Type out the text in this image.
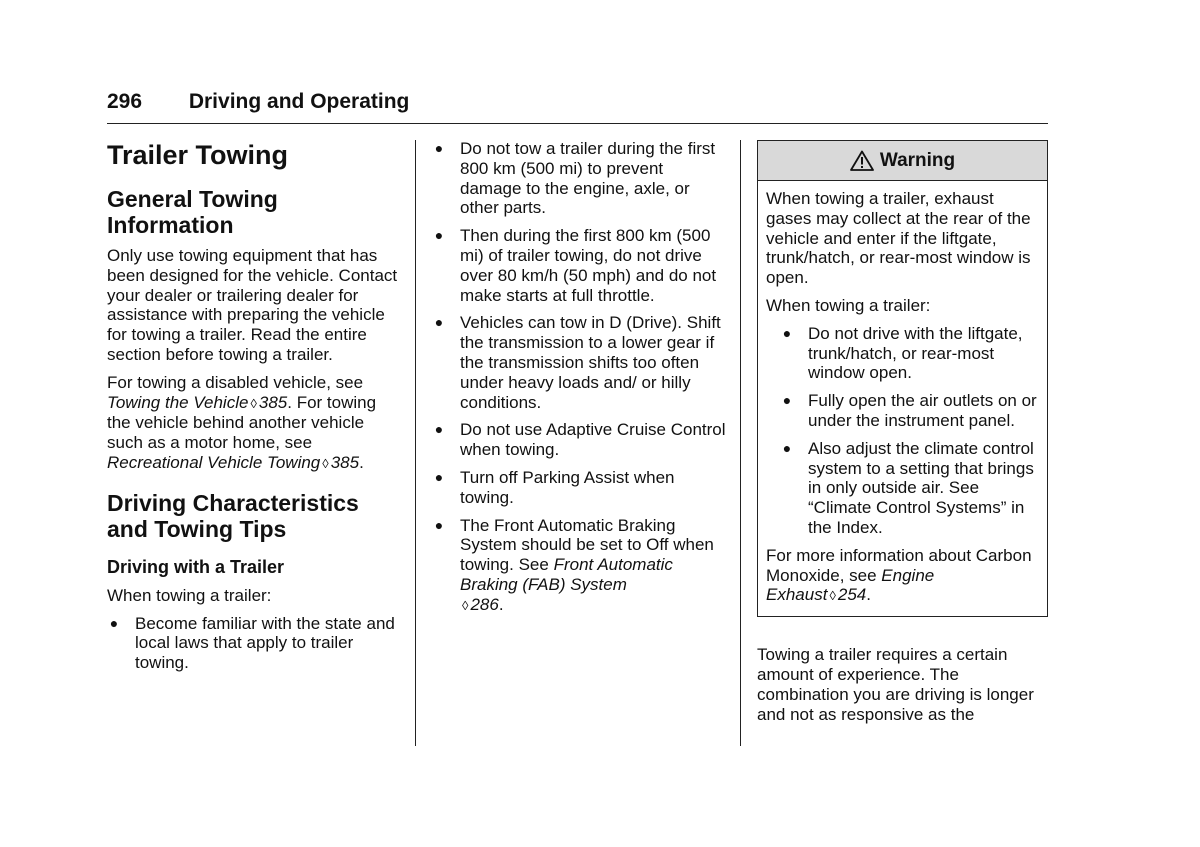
296 Driving and Operating
Trailer Towing
General Towing Information

Only use towing equipment that has been designed for the vehicle. Contact your dealer or trailering dealer for assistance with preparing the vehicle for towing a trailer. Read the entire section before towing a trailer.

For towing a disabled vehicle, see Towing the Vehicle ◊ 385. For towing the vehicle behind another vehicle such as a motor home, see Recreational Vehicle Towing ◊ 385.

Driving Characteristics and Towing Tips
Driving with a Trailer

When towing a trailer:

● Become familiar with the state and local laws that apply to trailer towing.
● Do not tow a trailer during the first 800 km (500 mi) to prevent damage to the engine, axle, or other parts.
● Then during the first 800 km (500 mi) of trailer towing, do not drive over 80 km/h (50 mph) and do not make starts at full throttle.
● Vehicles can tow in D (Drive). Shift the transmission to a lower gear if the transmission shifts too often under heavy loads and/ or hilly conditions.
● Do not use Adaptive Cruise Control when towing.
● Turn off Parking Assist when towing.
● The Front Automatic Braking System should be set to Off when towing. See Front Automatic Braking (FAB) System
◊ 286.
Warning

When towing a trailer, exhaust gases may collect at the rear of the vehicle and enter if the liftgate, trunk/hatch, or rear-most window is open.

When towing a trailer:

● Do not drive with the liftgate, trunk/hatch, or rear-most window open.
● Fully open the air outlets on or under the instrument panel.
● Also adjust the climate control system to a setting that brings in only outside air. See “Climate Control Systems” in the Index.

For more information about Carbon Monoxide, see Engine Exhaust ◊ 254.

Towing a trailer requires a certain amount of experience. The combination you are driving is longer and not as responsive as the
